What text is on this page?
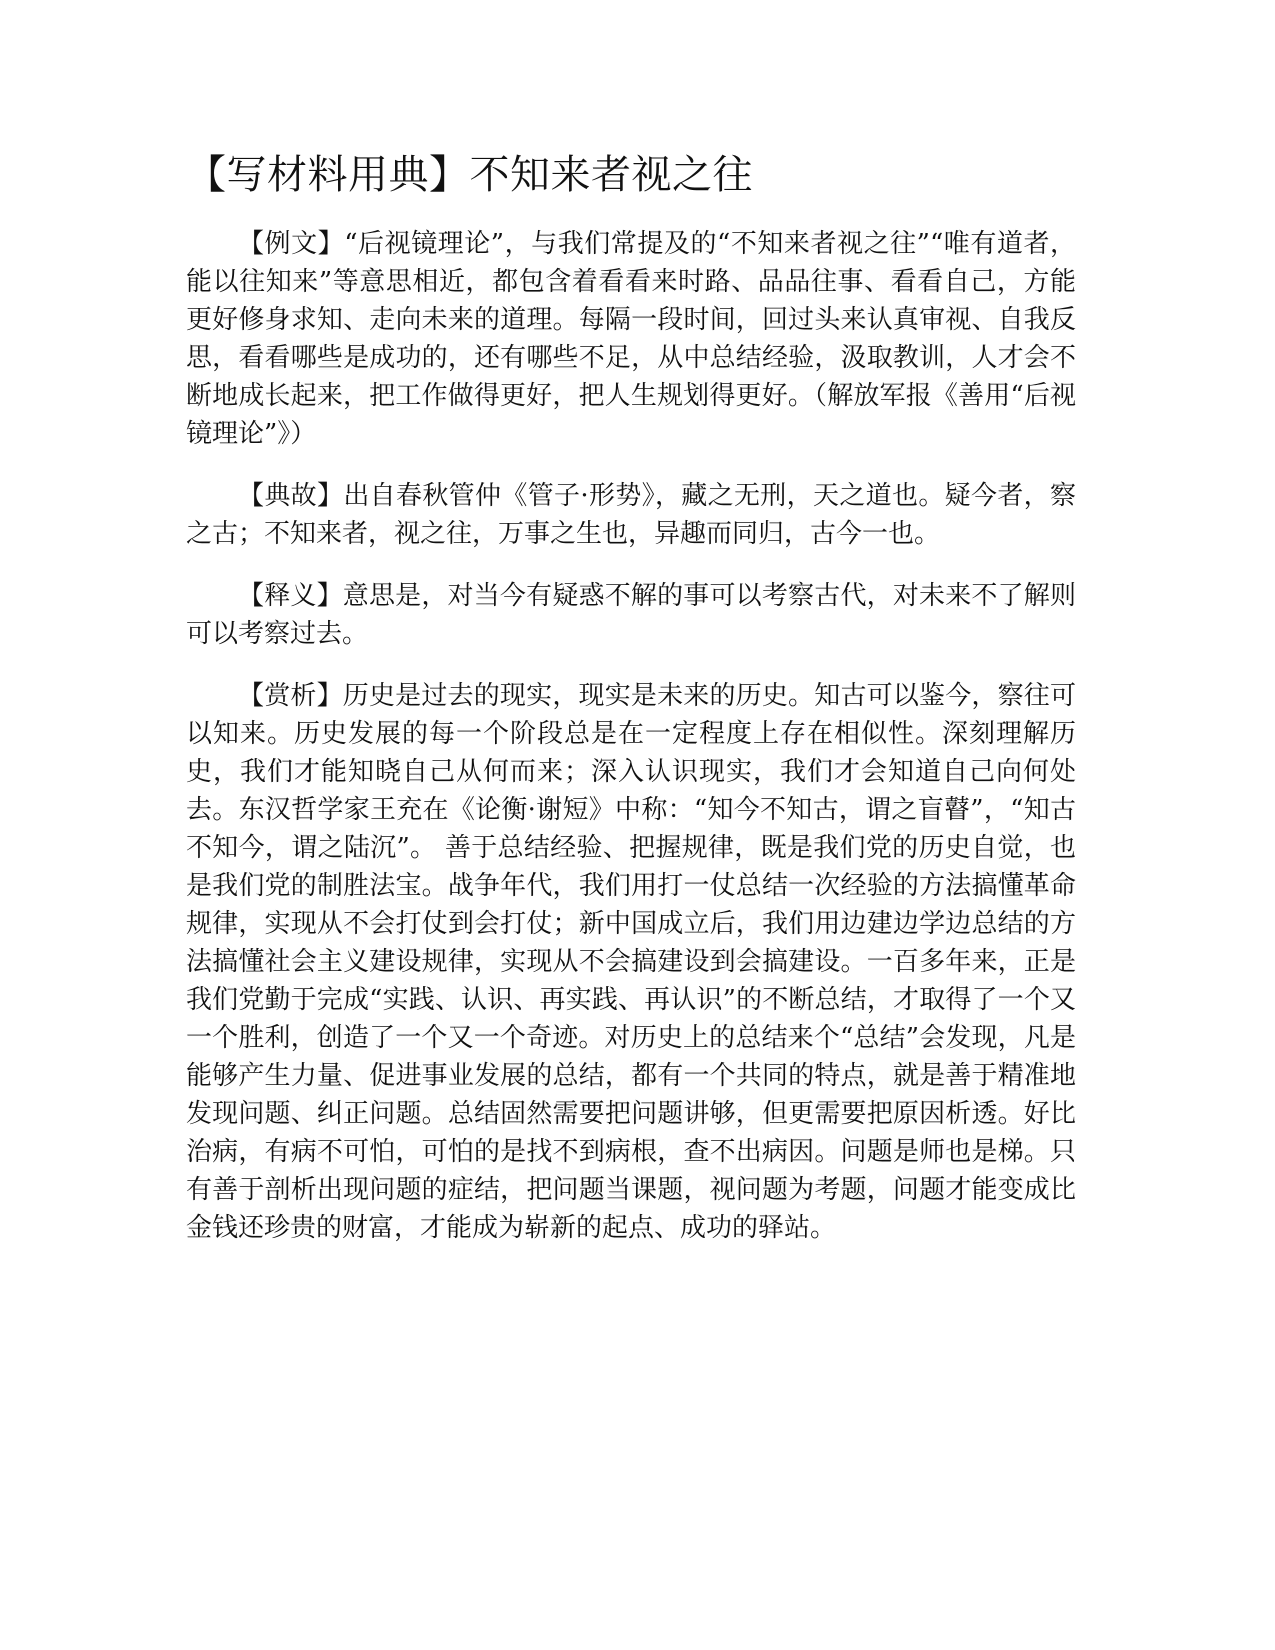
【写材料用典】不知来者视之往

【例文】“后视镜理论”，与我们常提及的“不知来者视之往”“唯有道者，能以往知来”等意思相近，都包含着看看来时路、品品往事、看看自己，方能更好修身求知、走向未来的道理。每隔一段时间，回过头来认真审视、自我反思，看看哪些是成功的，还有哪些不足，从中总结经验，汲取教训，人才会不断地成长起来，把工作做得更好，把人生规划得更好。（解放军报《善用“后视镜理论”》）

【典故】出自春秋管仲《管子·形势》，藏之无刑，天之道也。疑今者，察之古；不知来者，视之往，万事之生也，异趣而同归，古今一也。

【释义】意思是，对当今有疑惑不解的事可以考察古代，对未来不了解则可以考察过去。

【赏析】历史是过去的现实，现实是未来的历史。知古可以鉴今，察往可以知来。历史发展的每一个阶段总是在一定程度上存在相似性。深刻理解历史，我们才能知晓自己从何而来；深入认识现实，我们才会知道自己向何处去。东汉哲学家王充在《论衡·谢短》中称：“知今不知古，谓之盲瞽”，“知古不知今，谓之陆沉”。 善于总结经验、把握规律，既是我们党的历史自觉，也是我们党的制胜法宝。战争年代，我们用打一仗总结一次经验的方法搞懂革命规律，实现从不会打仗到会打仗；新中国成立后，我们用边建边学边总结的方法搞懂社会主义建设规律，实现从不会搞建设到会搞建设。一百多年来，正是我们党勤于完成“实践、认识、再实践、再认识”的不断总结，才取得了一个又一个胜利，创造了一个又一个奇迹。对历史上的总结来个“总结”会发现，凡是能够产生力量、促进事业发展的总结，都有一个共同的特点，就是善于精准地发现问题、纠正问题。总结固然需要把问题讲够，但更需要把原因析透。好比治病，有病不可怕，可怕的是找不到病根，查不出病因。问题是师也是梯。只有善于剖析出现问题的症结，把问题当课题，视问题为考题，问题才能变成比金钱还珍贵的财富，才能成为崭新的起点、成功的驿站。
